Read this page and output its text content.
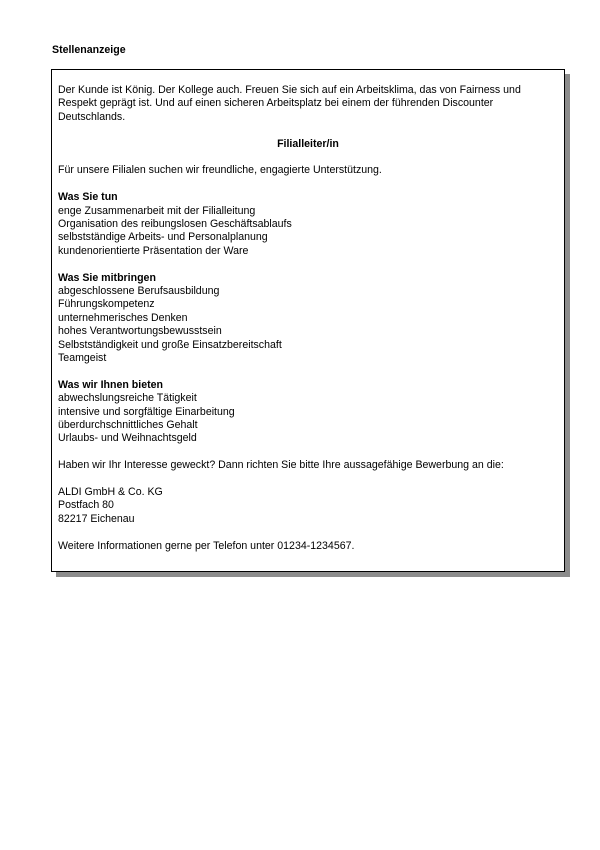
Stellenanzeige

Der Kunde ist König. Der Kollege auch. Freuen Sie sich auf ein Arbeitsklima, das von Fairness und Respekt geprägt ist. Und auf einen sicheren Arbeitsplatz bei einem der führenden Discounter Deutschlands.

Filialleiter/in

Für unsere Filialen suchen wir freundliche, engagierte Unterstützung.

Was Sie tun

enge Zusammenarbeit mit der Filialleitung
Organisation des reibungslosen Geschäftsablaufs
selbstständige Arbeits- und Personalplanung
kundenorientierte Präsentation der Ware

Was Sie mitbringen

abgeschlossene Berufsausbildung
Führungskompetenz
unternehmerisches Denken
hohes Verantwortungsbewusstsein
Selbstständigkeit und große Einsatzbereitschaft
Teamgeist

Was wir Ihnen bieten

abwechslungsreiche Tätigkeit
intensive und sorgfältige Einarbeitung
überdurchschnittliches Gehalt
Urlaubs- und Weihnachtsgeld

Haben wir Ihr Interesse geweckt? Dann richten Sie bitte Ihre aussagefähige Bewerbung an die:

ALDI GmbH & Co. KG
Postfach 80
82217 Eichenau

Weitere Informationen gerne per Telefon unter 01234-1234567.
